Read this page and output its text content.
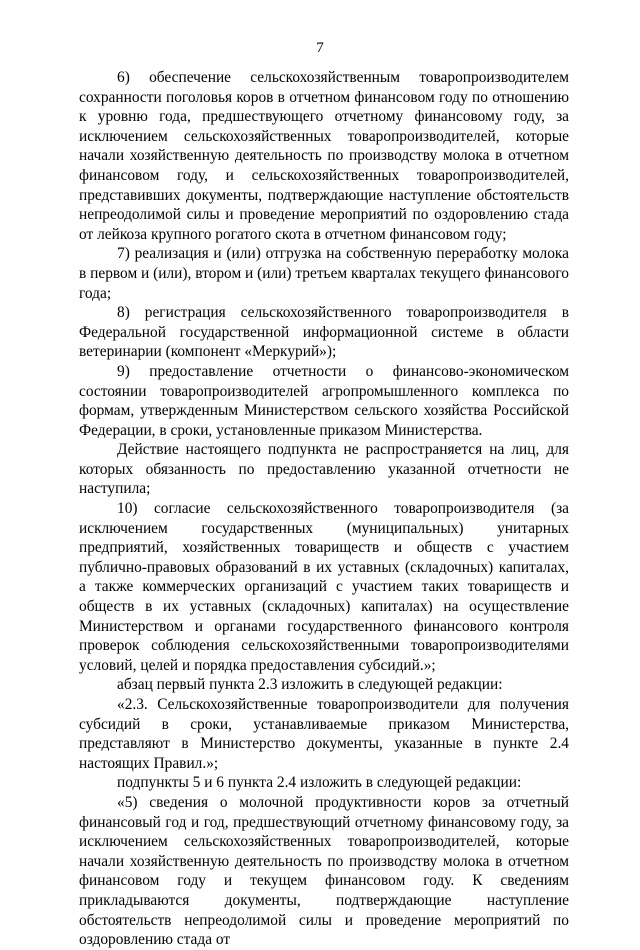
7

6) обеспечение сельскохозяйственным товаропроизводителем сохранности поголовья коров в отчетном финансовом году по отношению к уровню года, предшествующего отчетному финансовому году, за исключением сельскохозяйственных товаропроизводителей, которые начали хозяйственную деятельность по производству молока в отчетном финансовом году, и сельскохозяйственных товаропроизводителей, представивших документы, подтверждающие наступление обстоятельств непреодолимой силы и проведение мероприятий по оздоровлению стада от лейкоза крупного рогатого скота в отчетном финансовом году;

7) реализация и (или) отгрузка на собственную переработку молока в первом и (или), втором и (или) третьем кварталах текущего финансового года;

8) регистрация сельскохозяйственного товаропроизводителя в Федеральной государственной информационной системе в области ветеринарии (компонент «Меркурий»);

9) предоставление отчетности о финансово-экономическом состоянии товаропроизводителей агропромышленного комплекса по формам, утвержденным Министерством сельского хозяйства Российской Федерации, в сроки, установленные приказом Министерства.

Действие настоящего подпункта не распространяется на лиц, для которых обязанность по предоставлению указанной отчетности не наступила;

10) согласие сельскохозяйственного товаропроизводителя (за исключением государственных (муниципальных) унитарных предприятий, хозяйственных товариществ и обществ с участием публично-правовых образований в их уставных (складочных) капиталах, а также коммерческих организаций с участием таких товариществ и обществ в их уставных (складочных) капиталах) на осуществление Министерством и органами государственного финансового контроля проверок соблюдения сельскохозяйственными товаропроизводителями условий, целей и порядка предоставления субсидий.»;

абзац первый пункта 2.3 изложить в следующей редакции:

«2.3. Сельскохозяйственные товаропроизводители для получения субсидий в сроки, устанавливаемые приказом Министерства, представляют в Министерство документы, указанные в пункте 2.4 настоящих Правил.»;

подпункты 5 и 6 пункта 2.4 изложить в следующей редакции:

«5) сведения о молочной продуктивности коров за отчетный финансовый год и год, предшествующий отчетному финансовому году, за исключением сельскохозяйственных товаропроизводителей, которые начали хозяйственную деятельность по производству молока в отчетном финансовом году и текущем финансовом году. К сведениям прикладываются документы, подтверждающие наступление обстоятельств непреодолимой силы и проведение мероприятий по оздоровлению стада от
